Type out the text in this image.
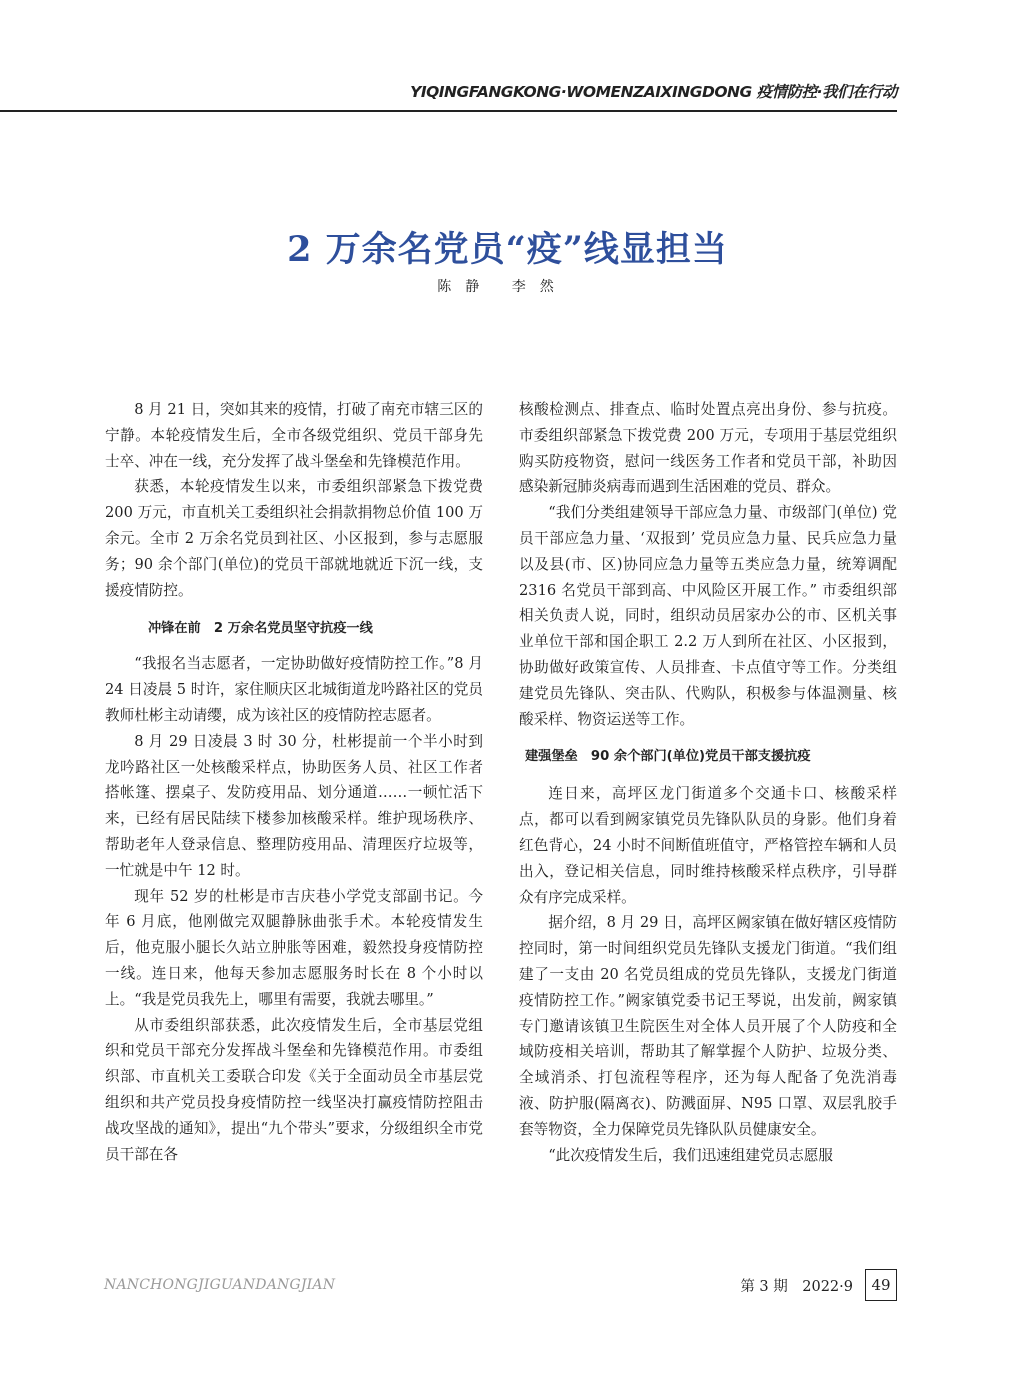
YIQINGFANGKONG·WOMENZAIXINGDONG 疫情防控·我们在行动
2 万余名党员“疫”线显担当
陈静 李然

8 月 21 日，突如其来的疫情，打破了南充市辖三区的宁静。本轮疫情发生后，全市各级党组织、党员干部身先士卒、冲在一线，充分发挥了战斗堡垒和先锋模范作用。

获悉，本轮疫情发生以来，市委组织部紧急下拨党费 200 万元，市直机关工委组织社会捐款捐物总价值 100 万余元。全市 2 万余名党员到社区、小区报到，参与志愿服务；90 余个部门(单位)的党员干部就地就近下沉一线，支援疫情防控。

冲锋在前　2 万余名党员坚守抗疫一线

“我报名当志愿者，一定协助做好疫情防控工作。”8 月 24 日凌晨 5 时许，家住顺庆区北城街道龙吟路社区的党员教师杜彬主动请缨，成为该社区的疫情防控志愿者。

8 月 29 日凌晨 3 时 30 分，杜彬提前一个半小时到龙吟路社区一处核酸采样点，协助医务人员、社区工作者搭帐篷、摆桌子、发防疫用品、划分通道……一顿忙活下来，已经有居民陆续下楼参加核酸采样。维护现场秩序、帮助老年人登录信息、整理防疫用品、清理医疗垃圾等，一忙就是中午 12 时。

现年 52 岁的杜彬是市吉庆巷小学党支部副书记。今年 6 月底，他刚做完双腿静脉曲张手术。本轮疫情发生后，他克服小腿长久站立肿胀等困难，毅然投身疫情防控一线。连日来，他每天参加志愿服务时长在 8 个小时以上。“我是党员我先上，哪里有需要，我就去哪里。”

从市委组织部获悉，此次疫情发生后，全市基层党组织和党员干部充分发挥战斗堡垒和先锋模范作用。市委组织部、市直机关工委联合印发《关于全面动员全市基层党组织和共产党员投身疫情防控一线坚决打赢疫情防控阻击战攻坚战的通知》，提出“九个带头”要求，分级组织全市党员干部在各

核酸检测点、排查点、临时处置点亮出身份、参与抗疫。市委组织部紧急下拨党费 200 万元，专项用于基层党组织购买防疫物资，慰问一线医务工作者和党员干部，补助因感染新冠肺炎病毒而遇到生活困难的党员、群众。

“我们分类组建领导干部应急力量、市级部门(单位) 党员干部应急力量、‘双报到’ 党员应急力量、民兵应急力量以及县(市、区)协同应急力量等五类应急力量，统筹调配 2316 名党员干部到高、中风险区开展工作。” 市委组织部相关负责人说，同时，组织动员居家办公的市、区机关事业单位干部和国企职工 2.2 万人到所在社区、小区报到，协助做好政策宣传、人员排查、卡点值守等工作。分类组建党员先锋队、突击队、代购队，积极参与体温测量、核酸采样、物资运送等工作。

建强堡垒　90 余个部门(单位)党员干部支援抗疫

连日来，高坪区龙门街道多个交通卡口、核酸采样点，都可以看到阙家镇党员先锋队队员的身影。他们身着红色背心，24 小时不间断值班值守，严格管控车辆和人员出入，登记相关信息，同时维持核酸采样点秩序，引导群众有序完成采样。

据介绍，8 月 29 日，高坪区阙家镇在做好辖区疫情防控同时，第一时间组织党员先锋队支援龙门街道。“我们组建了一支由 20 名党员组成的党员先锋队，支援龙门街道疫情防控工作。”阙家镇党委书记王琴说，出发前，阙家镇专门邀请该镇卫生院医生对全体人员开展了个人防疫和全域防疫相关培训，帮助其了解掌握个人防护、垃圾分类、全域消杀、打包流程等程序，还为每人配备了免洗消毒液、防护服(隔离衣)、防溅面屏、N95 口罩、双层乳胶手套等物资，全力保障党员先锋队队员健康安全。

“此次疫情发生后，我们迅速组建党员志愿服

NANCHONGJIGUANDANGJIAN	第 3 期　2022·9	49
